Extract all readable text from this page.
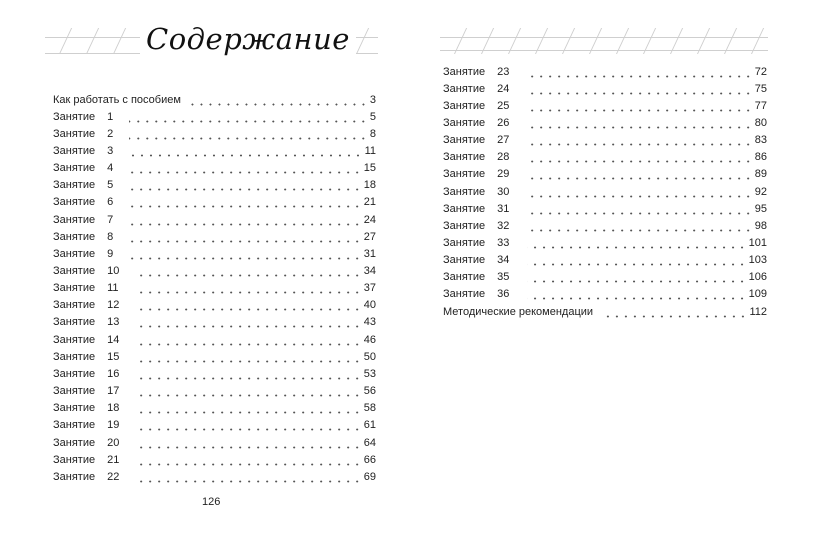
Содержание
Как работать с пособием	3
Занятие 1	5
Занятие 2	8
Занятие 3	11
Занятие 4	15
Занятие 5	18
Занятие 6	21
Занятие 7	24
Занятие 8	27
Занятие 9	31
Занятие 10	34
Занятие 11	37
Занятие 12	40
Занятие 13	43
Занятие 14	46
Занятие 15	50
Занятие 16	53
Занятие 17	56
Занятие 18	58
Занятие 19	61
Занятие 20	64
Занятие 21	66
Занятие 22	69
Занятие 23	72
Занятие 24	75
Занятие 25	77
Занятие 26	80
Занятие 27	83
Занятие 28	86
Занятие 29	89
Занятие 30	92
Занятие 31	95
Занятие 32	98
Занятие 33	101
Занятие 34	103
Занятие 35	106
Занятие 36	109
Методические рекомендации	112
126
